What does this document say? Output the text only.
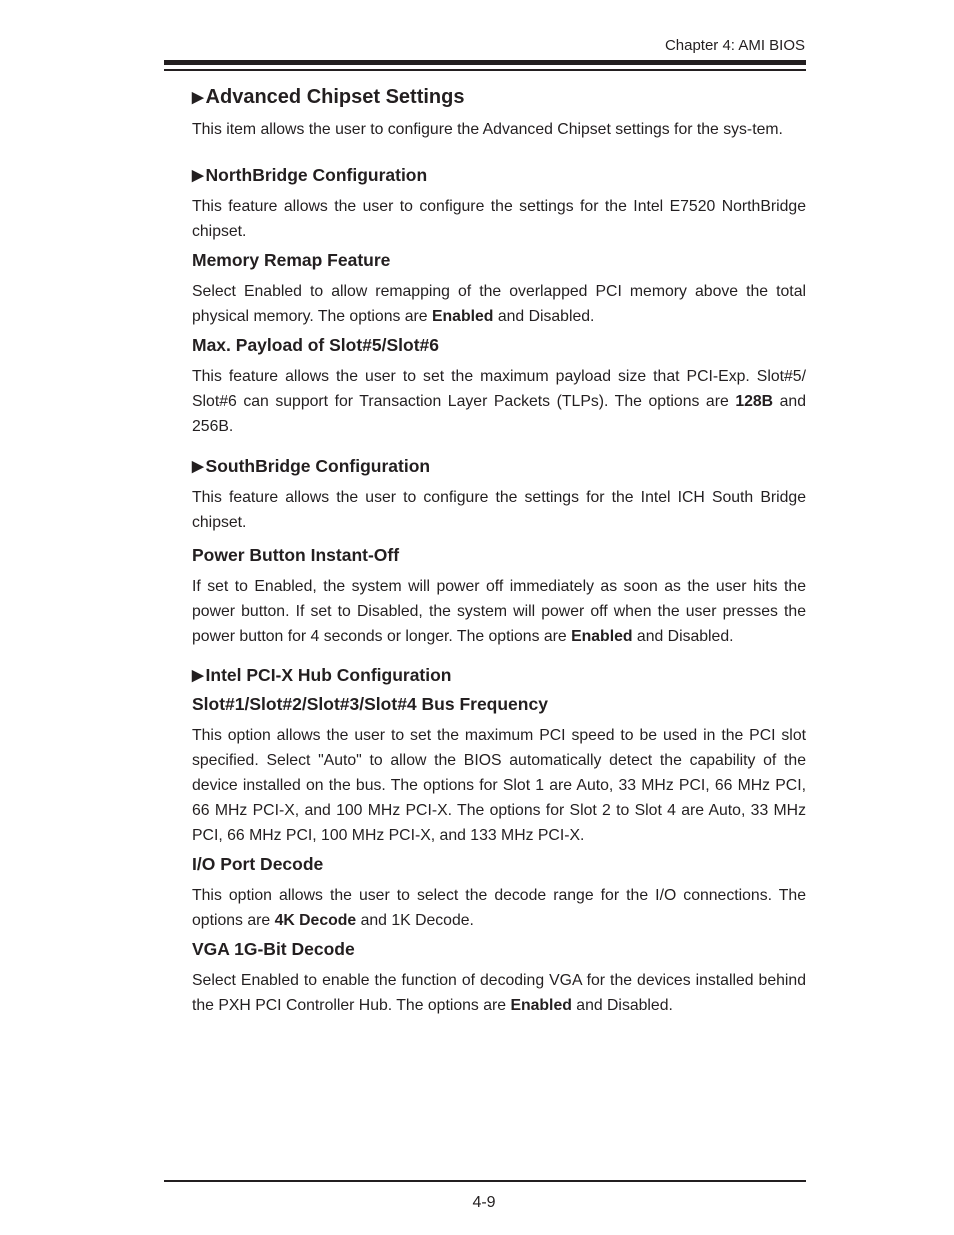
Chapter 4: AMI BIOS
▶ Advanced Chipset Settings

This item allows the user to configure the Advanced Chipset settings for the sys-tem.

▶ NorthBridge Configuration

This feature allows the user to configure the settings for the Intel E7520 NorthBridge chipset.

Memory Remap Feature

Select Enabled to allow remapping of the overlapped PCI memory above the total physical memory. The options are Enabled and Disabled.

Max. Payload of Slot#5/Slot#6

This feature allows the user to set the maximum payload size that PCI-Exp. Slot#5/ Slot#6 can support for Transaction Layer Packets (TLPs). The options are 128B and 256B.

▶ SouthBridge Configuration

This feature allows the user to configure the settings for the Intel ICH South Bridge chipset.

Power Button Instant-Off

If set to Enabled, the system will power off immediately as soon as the user hits the power button. If set to Disabled, the system will power off when the user presses the power button for 4 seconds or longer. The options are Enabled and Disabled.

▶ Intel PCI-X Hub Configuration
Slot#1/Slot#2/Slot#3/Slot#4 Bus Frequency

This option allows the user to set the maximum PCI speed to be used in the PCI slot specified. Select "Auto" to allow the BIOS automatically detect the capability of the device installed on the bus. The options for Slot 1 are Auto, 33 MHz PCI, 66 MHz PCI, 66 MHz PCI-X, and 100 MHz PCI-X. The options for Slot 2 to Slot 4 are Auto, 33 MHz PCI, 66 MHz PCI, 100 MHz PCI-X, and 133 MHz PCI-X.

I/O Port Decode

This option allows the user to select the decode range for the I/O connections. The options are 4K Decode and 1K Decode.

VGA 1G-Bit Decode

Select Enabled to enable the function of decoding VGA for the devices installed behind the PXH PCI Controller Hub. The options are Enabled and Disabled.

4-9
